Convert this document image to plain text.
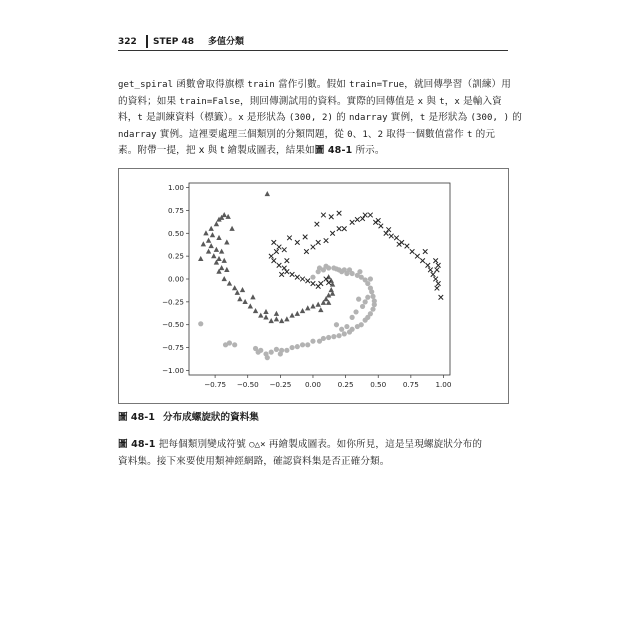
322 STEP 48 多值分類

get_spiral 函數會取得旗標 train 當作引數。假如 train=True，就回傳學習（訓練）用

的資料；如果 train=False，則回傳測試用的資料。實際的回傳值是 x 與 t，x 是輸入資

料，t 是訓練資料（標籤）。x 是形狀為 (300, 2) 的 ndarray 實例，t 是形狀為 (300, ) 的

ndarray 實例。這裡要處理三個類別的分類問題，從 0、1、2 取得一個數值當作 t 的元

素。附帶一提，把 x 與 t 繪製成圖表，結果如圖 48-1 所示。

−0.75 −0.50 −0.25 0.00 0.25 0.50 0.75 1.00
−1.00
−0.75
−0.50
−0.25
0.00
0.25
0.50
0.75
1.00
圖 48-1 分布成螺旋狀的資料集

圖 48-1 把每個類別變成符號 ○△× 再繪製成圖表。如你所見，這是呈現螺旋狀分布的

資料集。接下來要使用類神經網路，確認資料集是否正確分類。
